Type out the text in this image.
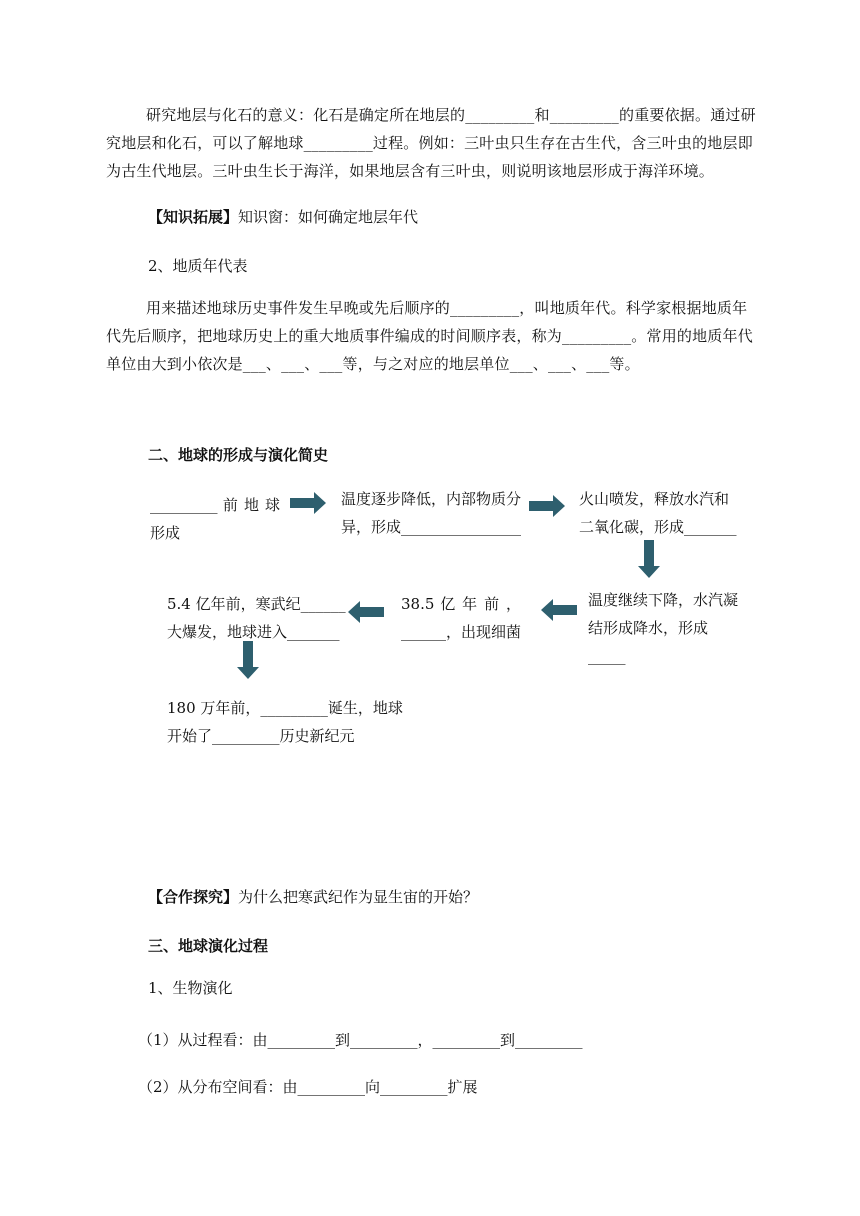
研究地层与化石的意义：化石是确定所在地层的_________和_________的重要依据。通过研究地层和化石，可以了解地球_________过程。例如：三叶虫只生存在古生代，含三叶虫的地层即为古生代地层。三叶虫生长于海洋，如果地层含有三叶虫，则说明该地层形成于海洋环境。
【知识拓展】知识窗：如何确定地层年代
2、地质年代表
用来描述地球历史事件发生早晚或先后顺序的_________，叫地质年代。科学家根据地质年代先后顺序，把地球历史上的重大地质事件编成的时间顺序表，称为_________。常用的地质年代单位由大到小依次是___、___、___等，与之对应的地层单位___、___、___等。
二、地球的形成与演化简史
_________ 前 地 球
形成
温度逐步降低，内部物质分
异，形成________________
火山喷发，释放水汽和
二氧化碳，形成_______
温度继续下降，水汽凝
结形成降水，形成_____
38.5 亿 年 前 ，
______，出现细菌
5.4 亿年前，寒武纪______
大爆发，地球进入_______
180 万年前，_________诞生，地球
开始了_________历史新纪元
【合作探究】为什么把寒武纪作为显生宙的开始？
三、地球演化过程
1、生物演化
（1）从过程看：由_________到_________，_________到_________
（2）从分布空间看：由_________向_________扩展
